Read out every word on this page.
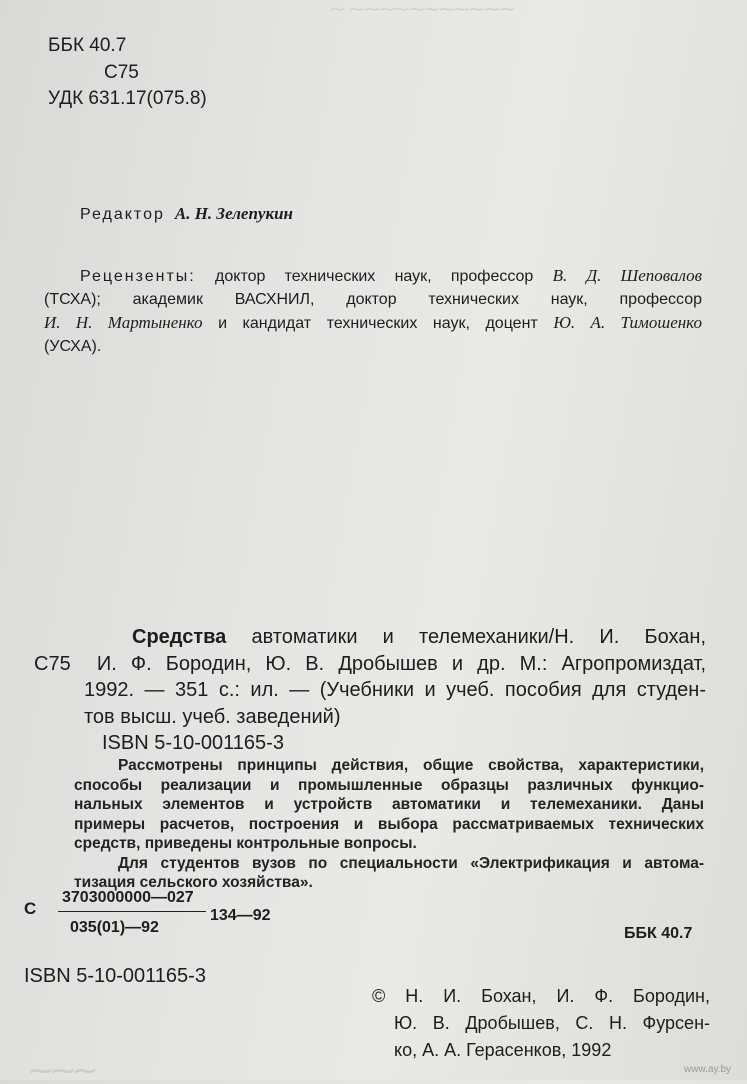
⁓ ⁓⁓⁓⁓⁓⁓⁓⁓⁓⁓⁓
ББК 40.7
С75
УДК 631.17(075.8)
Редактор А. Н. Зелепукин
Рецензенты: доктор технических наук, профессор В. Д. Шеповалов
(ТСХА); академик ВАСХНИЛ, доктор технических наук, профессор
И. Н. Мартыненко и кандидат технических наук, доцент Ю. А. Тимошенко
(УСХА).
Средства автоматики и телемеханики/Н. И. Бохан,
С75 И. Ф. Бородин, Ю. В. Дробышев и др. М.: Агропромиздат,
1992. — 351 с.: ил. — (Учебники и учеб. пособия для студен-
тов высш. учеб. заведений)
ISBN 5-10-001165-3
Рассмотрены принципы действия, общие свойства, характеристики,
способы реализации и промышленные образцы различных функцио-
нальных элементов и устройств автоматики и телемеханики. Даны
примеры расчетов, построения и выбора рассматриваемых технических
средств, приведены контрольные вопросы.
Для студентов вузов по специальности «Электрификация и автома-
тизация сельского хозяйства».
С
3703000000—027
035(01)—92
134—92
ББК 40.7
ISBN 5-10-001165-3
© Н. И. Бохан, И. Ф. Бородин,
Ю. В. Дробышев, С. Н. Фурсен-
ко, А. А. Герасенков, 1992
⁓⁓⁓	www.ay.by
